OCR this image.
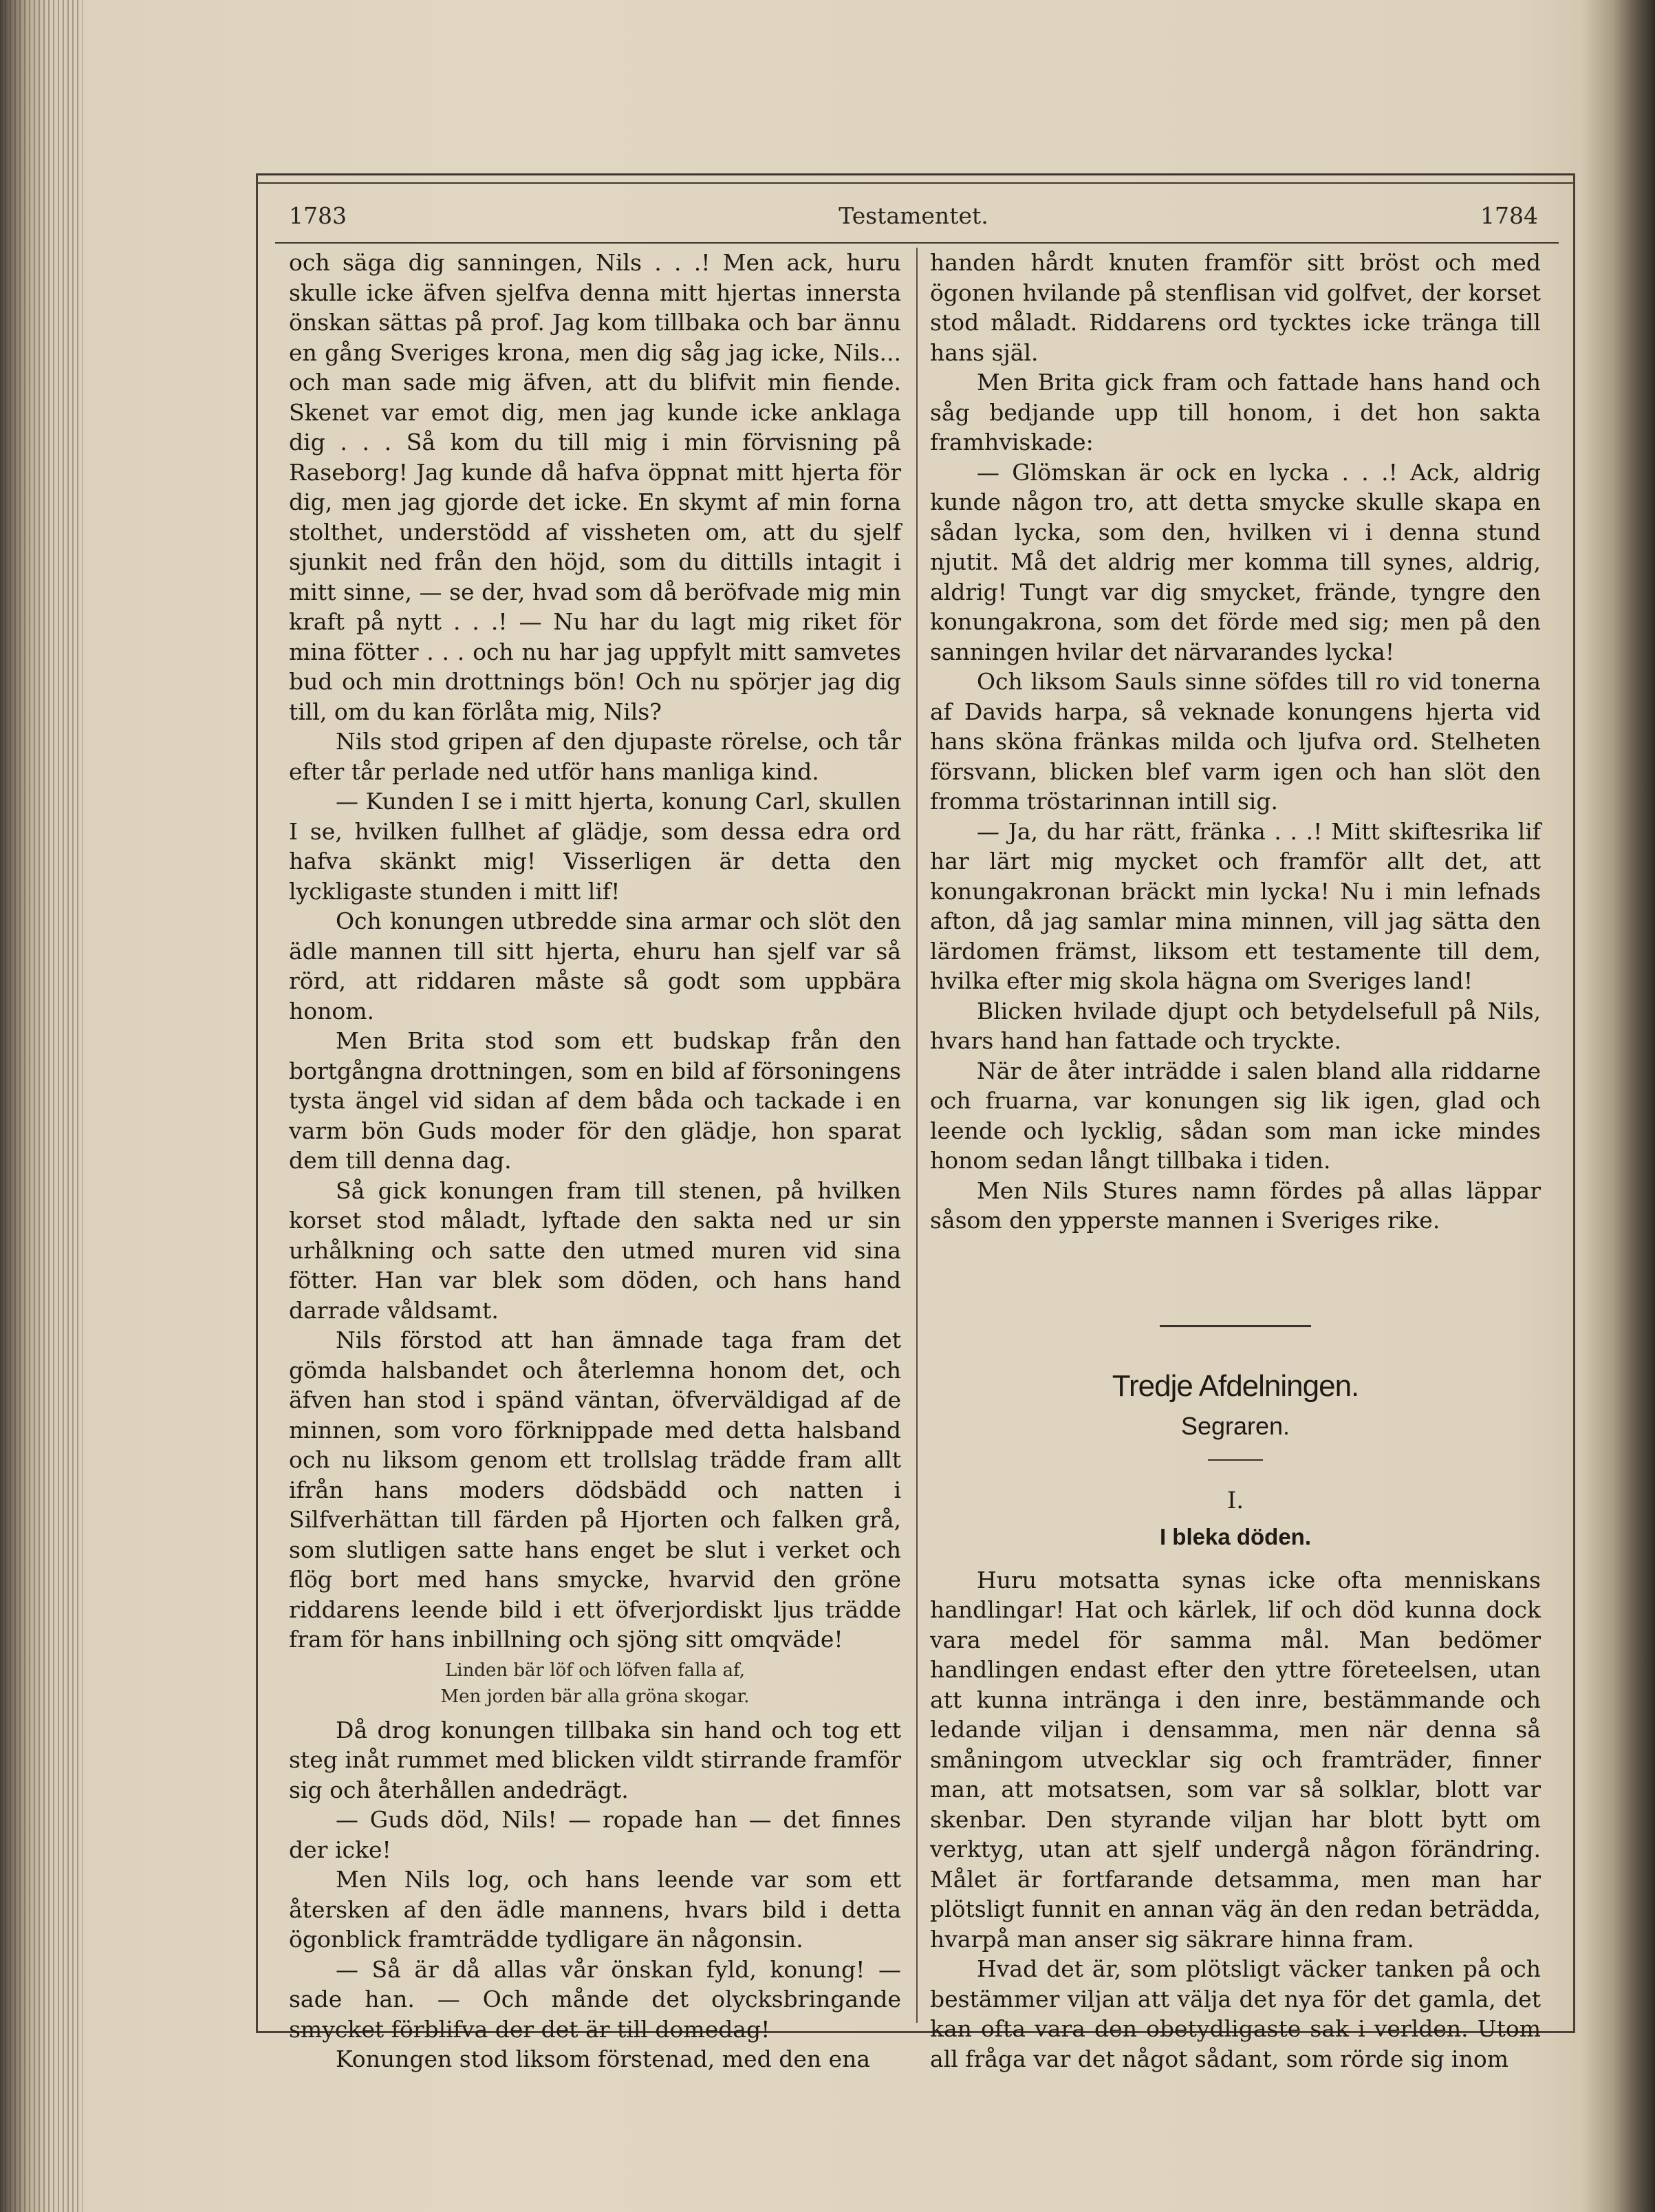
1783	Testamentet.	1784

och säga dig sanningen, Nils . . .! Men ack, huru skulle icke äfven sjelfva denna mitt hjertas innersta önskan sättas på prof. Jag kom tillbaka och bar ännu en gång Sveriges krona, men dig såg jag icke, Nils... och man sade mig äfven, att du blifvit min fiende. Skenet var emot dig, men jag kunde icke anklaga dig . . . Så kom du till mig i min förvisning på Raseborg! Jag kunde då hafva öppnat mitt hjerta för dig, men jag gjorde det icke. En skymt af min forna stolthet, understödd af vissheten om, att du sjelf sjunkit ned från den höjd, som du dittills intagit i mitt sinne, — se der, hvad som då beröfvade mig min kraft på nytt . . .! — Nu har du lagt mig riket för mina fötter . . . och nu har jag uppfylt mitt samvetes bud och min drottnings bön! Och nu spörjer jag dig till, om du kan förlåta mig, Nils?

Nils stod gripen af den djupaste rörelse, och tår efter tår perlade ned utför hans manliga kind.

— Kunden I se i mitt hjerta, konung Carl, skullen I se, hvilken fullhet af glädje, som dessa edra ord hafva skänkt mig! Visserligen är detta den lyckligaste stunden i mitt lif!

Och konungen utbredde sina armar och slöt den ädle mannen till sitt hjerta, ehuru han sjelf var så rörd, att riddaren måste så godt som uppbära honom.

Men Brita stod som ett budskap från den bortgångna drottningen, som en bild af försoningens tysta ängel vid sidan af dem båda och tackade i en varm bön Guds moder för den glädje, hon sparat dem till denna dag.

Så gick konungen fram till stenen, på hvilken korset stod måladt, lyftade den sakta ned ur sin urhålkning och satte den utmed muren vid sina fötter. Han var blek som döden, och hans hand darrade våldsamt.

Nils förstod att han ämnade taga fram det gömda halsbandet och återlemna honom det, och äfven han stod i spänd väntan, öfverväldigad af de minnen, som voro förknippade med detta halsband och nu liksom genom ett trollslag trädde fram allt ifrån hans moders dödsbädd och natten i Silfverhättan till färden på Hjorten och falken grå, som slutligen satte hans enget be slut i verket och flög bort med hans smycke, hvarvid den gröne riddarens leende bild i ett öfverjordiskt ljus trädde fram för hans inbillning och sjöng sitt omqväde!

Linden bär löf och löfven falla af,
Men jorden bär alla gröna skogar.

Då drog konungen tillbaka sin hand och tog ett steg inåt rummet med blicken vildt stirrande framför sig och återhållen andedrägt.

— Guds död, Nils! — ropade han — det finnes der icke!

Men Nils log, och hans leende var som ett återsken af den ädle mannens, hvars bild i detta ögonblick framträdde tydligare än någonsin.

— Så är då allas vår önskan fyld, konung! — sade han. — Och månde det olycksbringande smycket förblifva der det är till domedag!

Konungen stod liksom förstenad, med den ena

handen hårdt knuten framför sitt bröst och med ögonen hvilande på stenflisan vid golfvet, der korset stod måladt. Riddarens ord tycktes icke tränga till hans själ.

Men Brita gick fram och fattade hans hand och såg bedjande upp till honom, i det hon sakta framhviskade:

— Glömskan är ock en lycka . . .! Ack, aldrig kunde någon tro, att detta smycke skulle skapa en sådan lycka, som den, hvilken vi i denna stund njutit. Må det aldrig mer komma till synes, aldrig, aldrig! Tungt var dig smycket, frände, tyngre den konungakrona, som det förde med sig; men på den sanningen hvilar det närvarandes lycka!

Och liksom Sauls sinne söfdes till ro vid tonerna af Davids harpa, så veknade konungens hjerta vid hans sköna fränkas milda och ljufva ord. Stelheten försvann, blicken blef varm igen och han slöt den fromma tröstarinnan intill sig.

— Ja, du har rätt, fränka . . .! Mitt skiftesrika lif har lärt mig mycket och framför allt det, att konungakronan bräckt min lycka! Nu i min lefnads afton, då jag samlar mina minnen, vill jag sätta den lärdomen främst, liksom ett testamente till dem, hvilka efter mig skola hägna om Sveriges land!

Blicken hvilade djupt och betydelsefull på Nils, hvars hand han fattade och tryckte.

När de åter inträdde i salen bland alla riddarne och fruarna, var konungen sig lik igen, glad och leende och lycklig, sådan som man icke mindes honom sedan långt tillbaka i tiden.

Men Nils Stures namn fördes på allas läppar såsom den ypperste mannen i Sveriges rike.

Tredje Afdelningen.
Segraren.
I.
I bleka döden.

Huru motsatta synas icke ofta menniskans handlingar! Hat och kärlek, lif och död kunna dock vara medel för samma mål. Man bedömer handlingen endast efter den yttre företeelsen, utan att kunna intränga i den inre, bestämmande och ledande viljan i densamma, men när denna så småningom utvecklar sig och framträder, finner man, att motsatsen, som var så solklar, blott var skenbar. Den styrande viljan har blott bytt om verktyg, utan att sjelf undergå någon förändring. Målet är fortfarande detsamma, men man har plötsligt funnit en annan väg än den redan beträdda, hvarpå man anser sig säkrare hinna fram.

Hvad det är, som plötsligt väcker tanken på och bestämmer viljan att välja det nya för det gamla, det kan ofta vara den obetydligaste sak i verlden. Utom all fråga var det något sådant, som rörde sig inom
